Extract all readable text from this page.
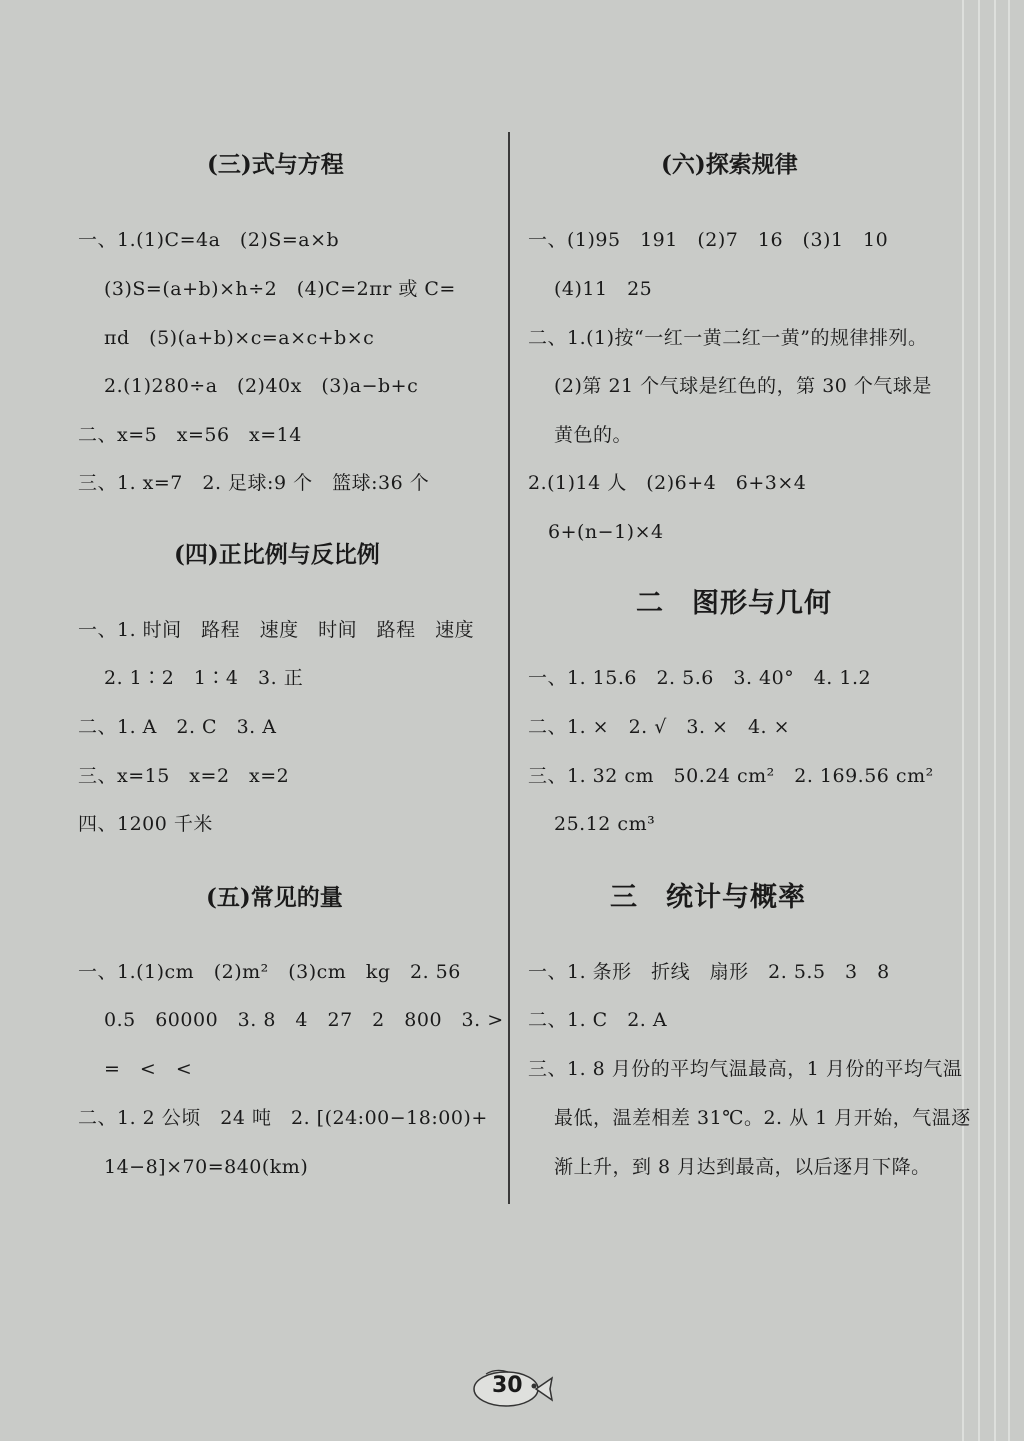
(三)式与方程
一、1.(1)C=4a　(2)S=a×b
(3)S=(a+b)×h÷2　(4)C=2πr 或 C=
πd　(5)(a+b)×c=a×c+b×c
2.(1)280÷a　(2)40x　(3)a−b+c
二、x=5　x=56　x=14
三、1. x=7　2. 足球:9 个　篮球:36 个
(四)正比例与反比例
一、1. 时间　路程　速度　时间　路程　速度
2. 1∶2　1∶4　3. 正
二、1. A　2. C　3. A
三、x=15　x=2　x=2
四、1200 千米
(五)常见的量
一、1.(1)cm　(2)m²　(3)cm　kg　2. 56
0.5　60000　3. 8　4　27　2　800　3. >
=　<　<
二、1. 2 公顷　24 吨　2. [(24:00−18:00)+
14−8]×70=840(km)
(六)探索规律
一、(1)95　191　(2)7　16　(3)1　10
(4)11　25
二、1.(1)按“一红一黄二红一黄”的规律排列。
(2)第 21 个气球是红色的，第 30 个气球是
黄色的。
2.(1)14 人　(2)6+4　6+3×4
6+(n−1)×4
二　图形与几何
一、1. 15.6　2. 5.6　3. 40°　4. 1.2
二、1. ×　2. √　3. ×　4. ×
三、1. 32 cm　50.24 cm²　2. 169.56 cm²
25.12 cm³
三　统计与概率
一、1. 条形　折线　扇形　2. 5.5　3　8
二、1. C　2. A
三、1. 8 月份的平均气温最高，1 月份的平均气温
最低，温差相差 31℃。2. 从 1 月开始，气温逐
渐上升，到 8 月达到最高，以后逐月下降。
30
